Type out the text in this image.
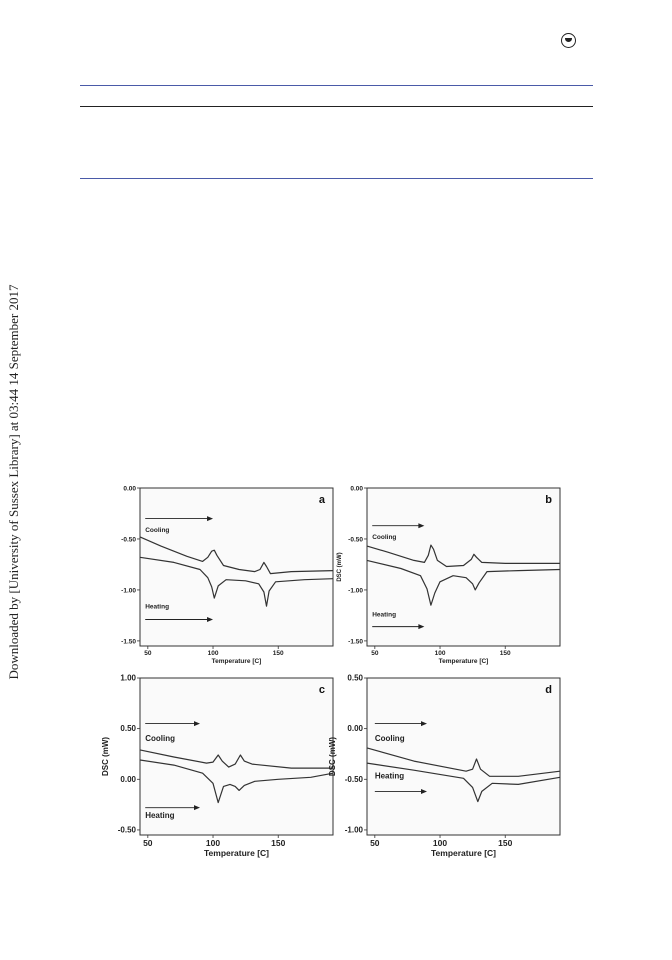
Downloaded by [University of Sussex Library] at 03:44 14 September 2017	0.00
-0.50
-1.00
-1.50
50	100	150
Temperature [C]
a
Cooling
Heating
0.00
-0.50
-1.00
-1.50
50	100	150
Temperature [C]
DSC (mW)
b
Cooling
Heating
1.00
0.50
0.00
-0.50
50	100	150
Temperature [C]
DSC (mW)
c
Cooling
Heating
0.50
0.00
-0.50
-1.00
50	100	150
Temperature [C]
DSC (mW)
d
Cooling
Heating
